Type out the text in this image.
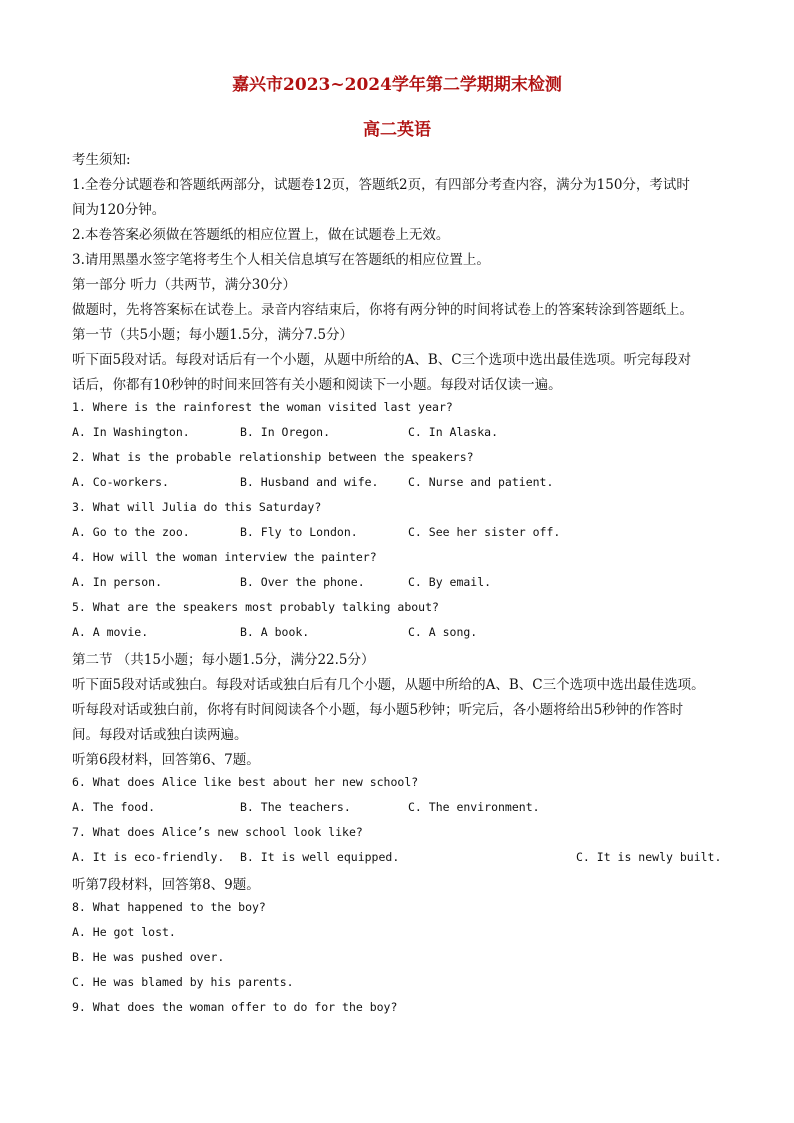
嘉兴市2023~2024学年第二学期期末检测
高二英语
考生须知:
1.全卷分试题卷和答题纸两部分，试题卷12页，答题纸2页，有四部分考查内容，满分为150分，考试时
间为120分钟。
2.本卷答案必须做在答题纸的相应位置上，做在试题卷上无效。
3.请用黑墨水签字笔将考生个人相关信息填写在答题纸的相应位置上。
第一部分 听力（共两节，满分30分）
做题时，先将答案标在试卷上。录音内容结束后，你将有两分钟的时间将试卷上的答案转涂到答题纸上。
第一节（共5小题；每小题1.5分，满分7.5分）
听下面5段对话。每段对话后有一个小题，从题中所给的A、B、C三个选项中选出最佳选项。听完每段对
话后，你都有10秒钟的时间来回答有关小题和阅读下一小题。每段对话仅读一遍。
1. Where is the rainforest the woman visited last year?
A. In Washington.	B. In Oregon.	C. In Alaska.
2. What is the probable relationship between the speakers?
A. Co-workers.	B. Husband and wife.	C. Nurse and patient.
3. What will Julia do this Saturday?
A. Go to the zoo.	B. Fly to London.	C. See her sister off.
4. How will the woman interview the painter?
A. In person.	B. Over the phone.	C. By email.
5. What are the speakers most probably talking about?
A. A movie.	B. A book.	C. A song.
第二节 （共15小题；每小题1.5分，满分22.5分）
听下面5段对话或独白。每段对话或独白后有几个小题，从题中所给的A、B、C三个选项中选出最佳选项。
听每段对话或独白前，你将有时间阅读各个小题，每小题5秒钟；听完后，各小题将给出5秒钟的作答时
间。每段对话或独白读两遍。
听第6段材料，回答第6、7题。
6. What does Alice like best about her new school?
A. The food.	B. The teachers.	C. The environment.
7. What does Alice’s new school look like?
A. It is eco-friendly. B. It is well equipped.	C. It is newly built.
听第7段材料，回答第8、9题。
8. What happened to the boy?
A. He got lost.
B. He was pushed over.
C. He was blamed by his parents.
9. What does the woman offer to do for the boy?
